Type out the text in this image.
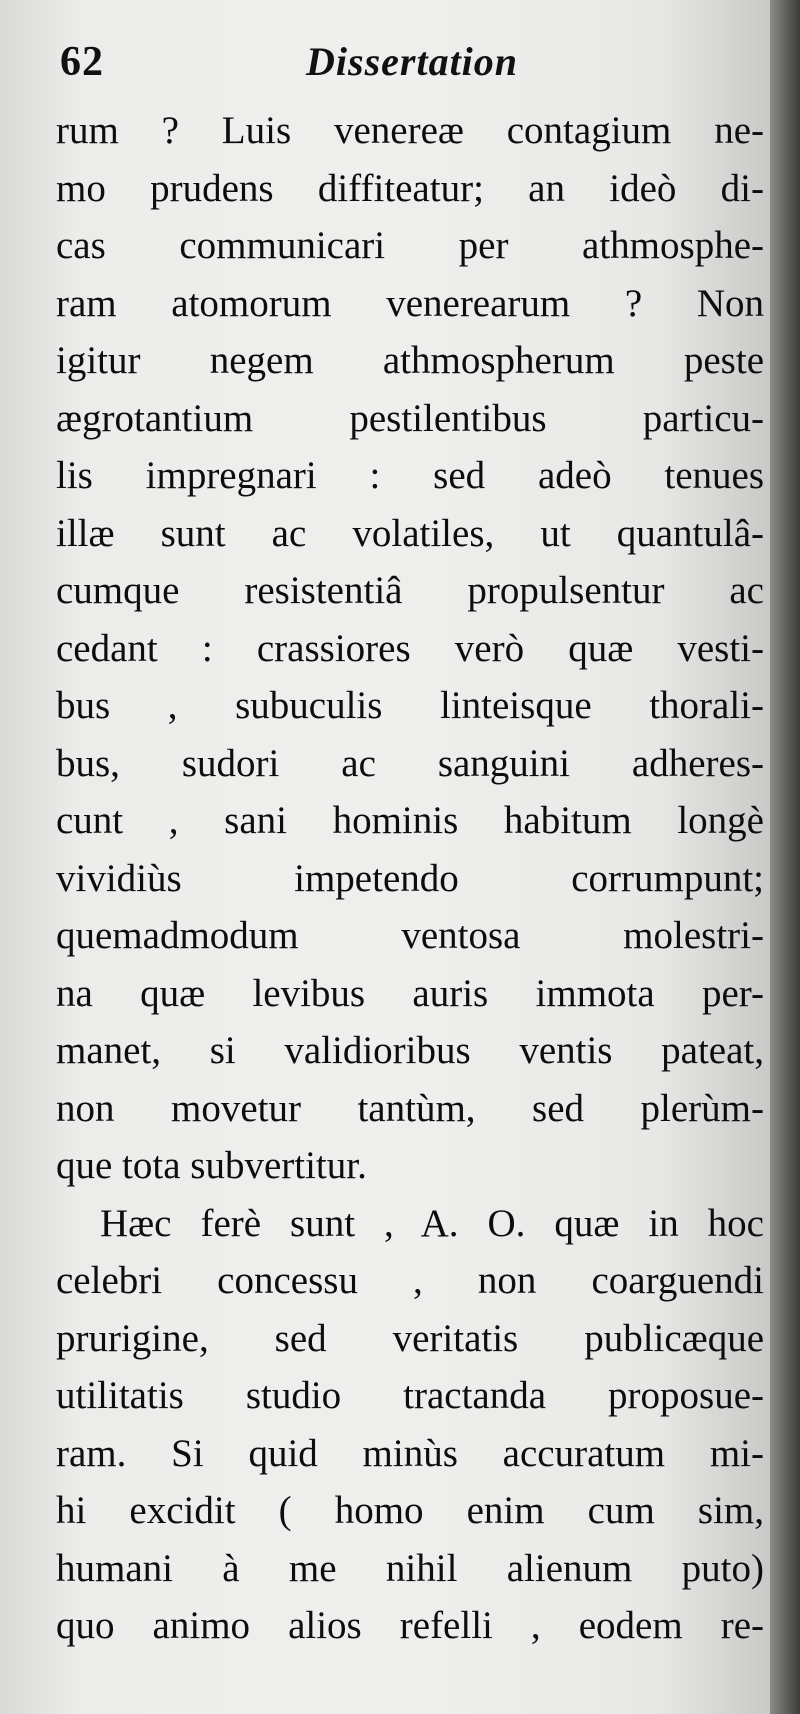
62	Dissertation
rum ? Luis venereæ contagium ne-
mo prudens diffiteatur; an ideò di-
cas communicari per athmosphe-
ram atomorum venerearum ? Non
igitur negem athmospherum peste
ægrotantium pestilentibus particu-
lis impregnari : sed adeò tenues
illæ sunt ac volatiles, ut quantulâ-
cumque resistentiâ propulsentur ac
cedant : crassiores verò quæ vesti-
bus , subuculis linteisque thorali-
bus, sudori ac sanguini adheres-
cunt , sani hominis habitum longè
vividiùs impetendo corrumpunt;
quemadmodum ventosa molestri-
na quæ levibus auris immota per-
manet, si validioribus ventis pateat,
non movetur tantùm, sed plerùm-
que tota subvertitur.
Hæc ferè sunt , A. O. quæ in hoc
celebri concessu , non coarguendi
prurigine, sed veritatis publicæque
utilitatis studio tractanda proposue-
ram. Si quid minùs accuratum mi-
hi excidit ( homo enim cum sim,
humani à me nihil alienum puto)
quo animo alios refelli , eodem re-
